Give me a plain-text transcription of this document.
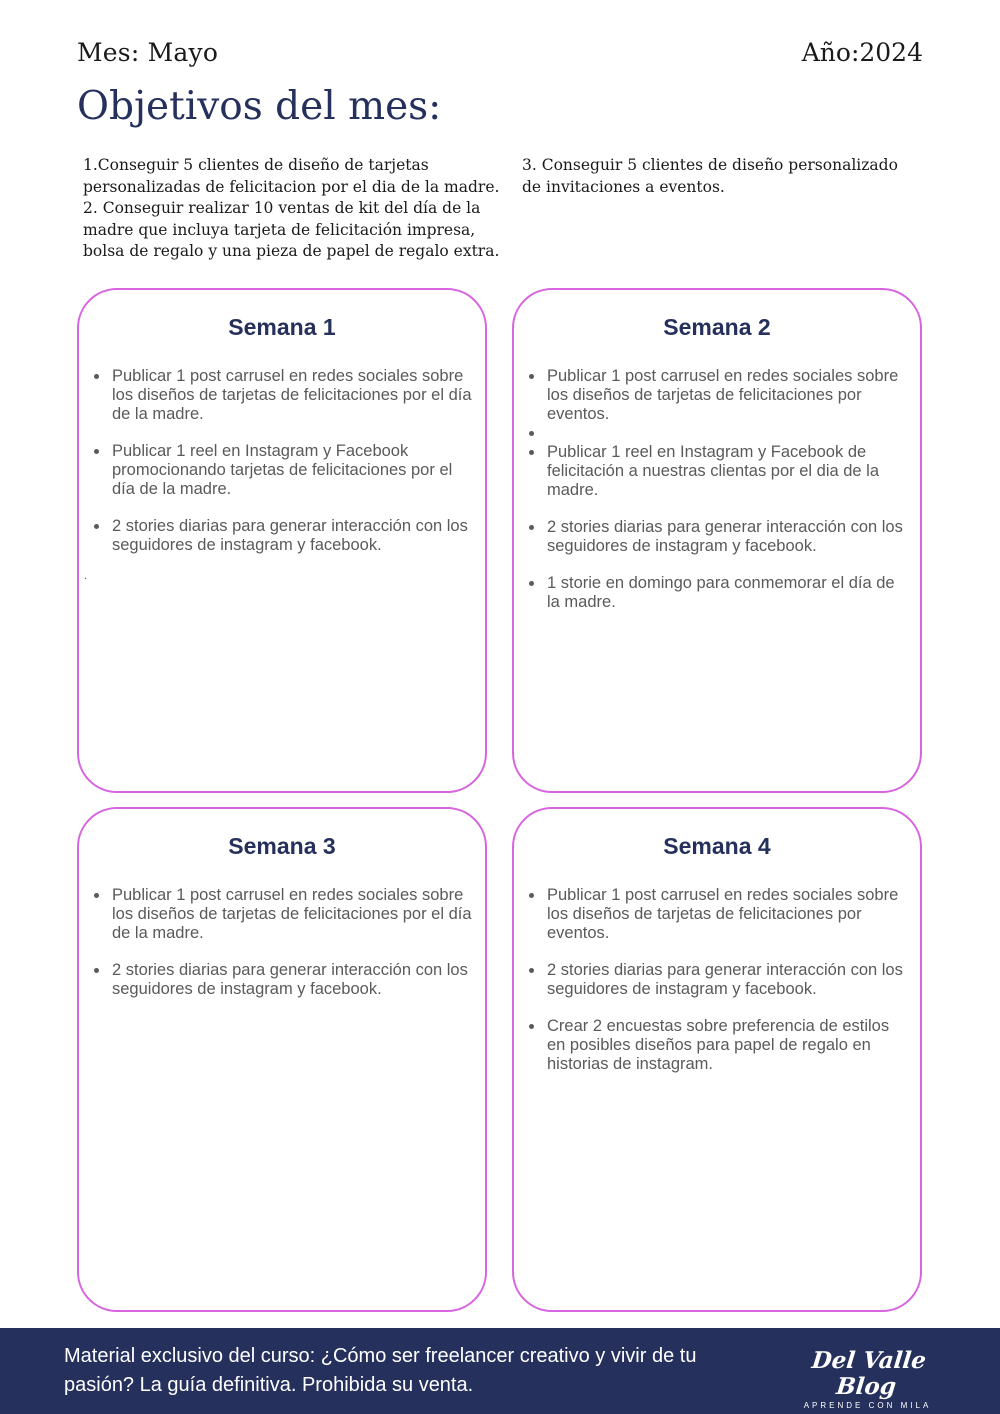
Mes: Mayo	Año:2024
Objetivos del mes:
1.Conseguir 5 clientes de diseño de tarjetas
personalizadas de felicitacion por el dia de la madre.
2. Conseguir realizar 10 ventas de kit del día de la
madre que incluya tarjeta de felicitación impresa,
bolsa de regalo y una pieza de papel de regalo extra.
3. Conseguir 5 clientes de diseño personalizado
de invitaciones a eventos.
Semana 1
Publicar 1 post carrusel en redes sociales sobre los diseños de tarjetas de felicitaciones por el día de la madre.
Publicar 1 reel en Instagram y Facebook promocionando tarjetas de felicitaciones por el día de la madre.
2 stories diarias para generar interacción con los seguidores de instagram y facebook.
.
Semana 2
Publicar 1 post carrusel en redes sociales sobre los diseños de tarjetas de felicitaciones por eventos.
Publicar 1 reel en Instagram y Facebook de felicitación a nuestras clientas por el dia de la madre.
2 stories diarias para generar interacción con los seguidores de instagram y facebook.
1 storie en domingo para conmemorar el día de la madre.
Semana 3
Publicar 1 post carrusel en redes sociales sobre los diseños de tarjetas de felicitaciones por el día de la madre.
2 stories diarias para generar interacción con los seguidores de instagram y facebook.
Semana 4
Publicar 1 post carrusel en redes sociales sobre los diseños de tarjetas de felicitaciones por eventos.
2 stories diarias para generar interacción con los seguidores de instagram y facebook.
Crear 2 encuestas sobre preferencia de estilos en posibles diseños para papel de regalo en historias de instagram.
Material exclusivo del curso: ¿Cómo ser freelancer creativo y vivir de tu pasión? La guía definitiva. Prohibida su venta.
Del Valle Blog
APRENDE CON MILA
